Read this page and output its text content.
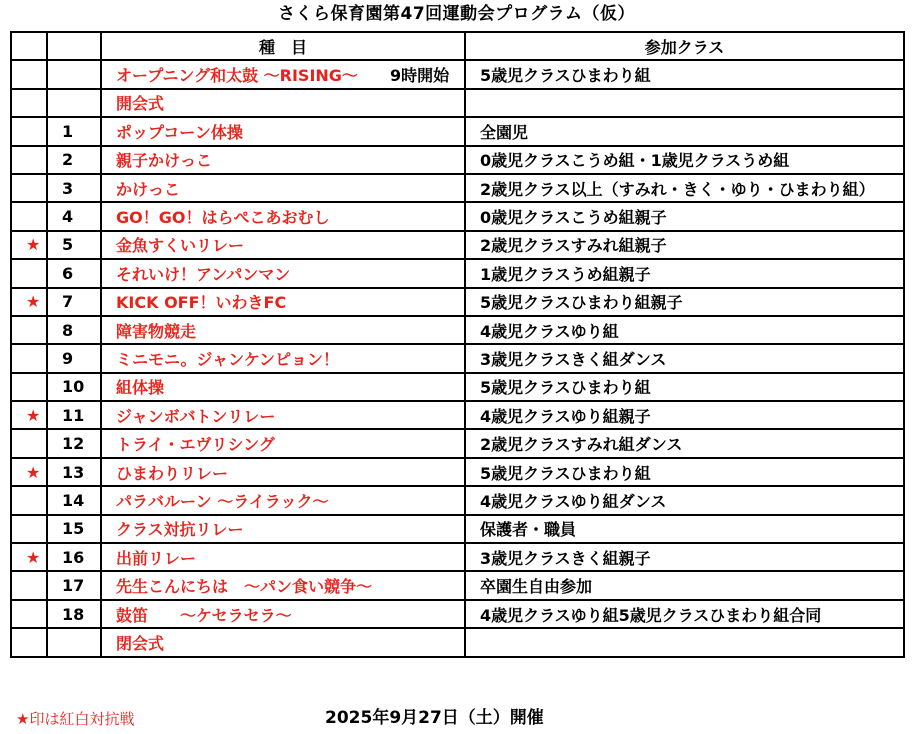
さくら保育園第47回運動会プログラム（仮）
		種　目	参加クラス
		オープニング和太鼓 ～RISING～　　 9時開始	5歳児クラスひまわり組
		開会式	
	1	ポップコーン体操	全園児
	2	親子かけっこ	0歳児クラスこうめ組・1歳児クラスうめ組
	3	かけっこ	2歳児クラス以上（すみれ・きく・ゆり・ひまわり組）
	4	GO！GO！はらぺこあおむし	0歳児クラスこうめ組親子
★	5	金魚すくいリレー	2歳児クラスすみれ組親子
	6	それいけ！アンパンマン	1歳児クラスうめ組親子
★	7	KICK OFF！いわきFC	5歳児クラスひまわり組親子
	8	障害物競走	4歳児クラスゆり組
	9	ミニモニ。ジャンケンピョン！	3歳児クラスきく組ダンス
	10	組体操	5歳児クラスひまわり組
★	11	ジャンボバトンリレー	4歳児クラスゆり組親子
	12	トライ・エヴリシング	2歳児クラスすみれ組ダンス
★	13	ひまわりリレー	5歳児クラスひまわり組
	14	パラバルーン ～ライラック～	4歳児クラスゆり組ダンス
	15	クラス対抗リレー	保護者・職員
★	16	出前リレー	3歳児クラスきく組親子
	17	先生こんにちは　～パン食い競争～	卒園生自由参加
	18	鼓笛　　～ケセラセラ～	4歳児クラスゆり組5歳児クラスひまわり組合同
		閉会式	
★印は紅白対抗戦	2025年9月27日（土）開催
